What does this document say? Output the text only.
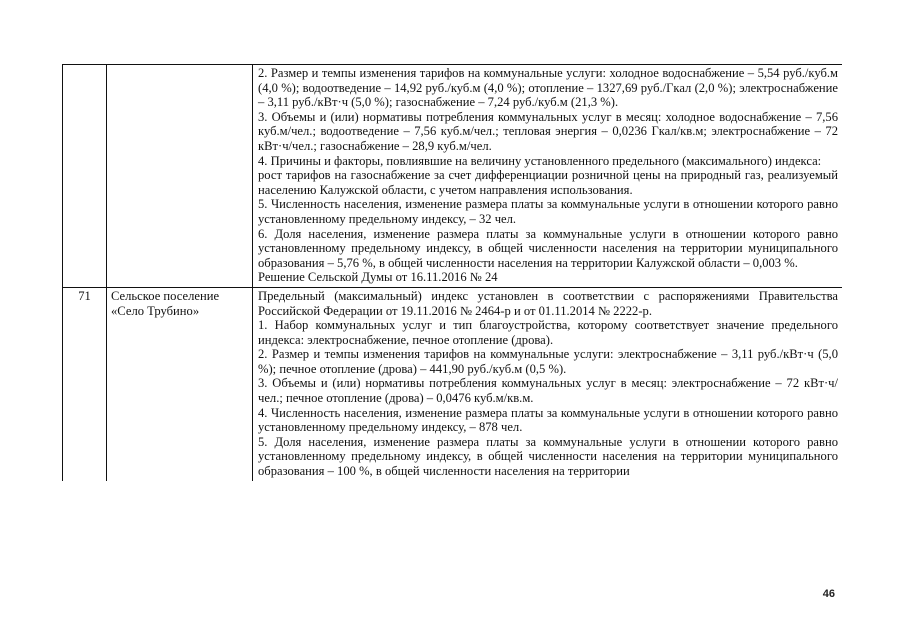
2. Размер и темпы изменения тарифов на коммунальные услуги: холодное водоснабжение – 5,54 руб./куб.м (4,0 %); водоотведение – 14,92 руб./куб.м (4,0 %); отопление – 1327,69 руб./Гкал (2,0 %); электроснабжение – 3,11 руб./кВт·ч (5,0 %); газоснабжение – 7,24 руб./куб.м (21,3 %).

3. Объемы и (или) нормативы потребления коммунальных услуг в месяц: холодное водоснабжение – 7,56 куб.м/чел.; водоотведение – 7,56 куб.м/чел.; тепловая энергия – 0,0236 Гкал/кв.м; электроснабжение – 72 кВт·ч/чел.; газоснабжение – 28,9 куб.м/чел.

4. Причины и факторы, повлиявшие на величину установленного предельного (максимального) индекса:

рост тарифов на газоснабжение за счет дифференциации розничной цены на природный газ, реализуемый населению Калужской области, с учетом направления использования.

5. Численность населения, изменение размера платы за коммунальные услуги в отношении которого равно установленному предельному индексу, – 32 чел.

6. Доля населения, изменение размера платы за коммунальные услуги в отношении которого равно установленному предельному индексу, в общей численности населения на территории муниципального образования – 5,76 %, в общей численности населения на территории Калужской области – 0,003 %.

Решение Сельской Думы от 16.11.2016 № 24

71	Сельское поселение «Село Трубино»

Предельный (максимальный) индекс установлен в соответствии с распоряжениями Правительства Российской Федерации от 19.11.2016 № 2464-р и от 01.11.2014 № 2222-р.

1. Набор коммунальных услуг и тип благоустройства, которому соответствует значение предельного индекса: электроснабжение, печное отопление (дрова).

2. Размер и темпы изменения тарифов на коммунальные услуги: электроснабжение – 3,11 руб./кВт·ч (5,0 %); печное отопление (дрова) – 441,90 руб./куб.м (0,5 %).

3. Объемы и (или) нормативы потребления коммунальных услуг в месяц: электроснабжение – 72 кВт·ч/чел.; печное отопление (дрова) – 0,0476 куб.м/кв.м.

4. Численность населения, изменение размера платы за коммунальные услуги в отношении которого равно установленному предельному индексу, – 878 чел.

5. Доля населения, изменение размера платы за коммунальные услуги в отношении которого равно установленному предельному индексу, в общей численности населения на территории муниципального образования – 100 %, в общей численности населения на территории

46
